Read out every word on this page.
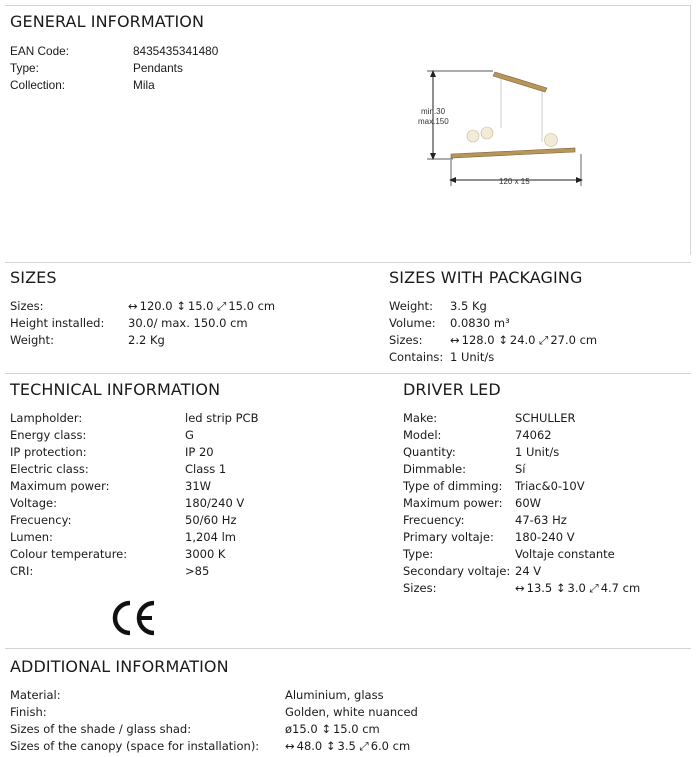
GENERAL INFORMATION
EAN Code:	8435435341480
Type:	Pendants
Collection:	Mila
min.30
max.150
120 x 15
SIZES
Sizes:	↔ 120.0 ↕ 15.0 ⤢ 15.0 cm
Height installed: 30.0/ max. 150.0 cm
Weight:	2.2 Kg
SIZES WITH PACKAGING
Weight: 3.5 Kg
Volume: 0.0830 m³
Sizes: ↔ 128.0 ↕ 24.0 ⤢ 27.0 cm
Contains: 1 Unit/s
TECHNICAL INFORMATION
Lampholder:	led strip PCB
Energy class:	G
IP protection:	IP 20
Electric class:	Class 1
Maximum power:	31W
Voltage:	180/240 V
Frecuency:	50/60 Hz
Lumen:	1,204 lm
Colour temperature:	3000 K
CRI:	>85
DRIVER LED
Make:	SCHULLER
Model:	74062
Quantity:	1 Unit/s
Dimmable:	Sí
Type of dimming: Triac&0-10V
Maximum power: 60W
Frecuency:	47-63 Hz
Primary voltaje: 180-240 V
Type:	Voltaje constante
Secondary voltaje: 24 V
Sizes:	↔ 13.5 ↕ 3.0 ⤢ 4.7 cm
ADDITIONAL INFORMATION
Material:	Aluminium, glass
Finish:	Golden, white nuanced
Sizes of the shade / glass shad:	ø15.0 ↕ 15.0 cm
Sizes of the canopy (space for installation): ↔ 48.0 ↕ 3.5 ⤢ 6.0 cm
